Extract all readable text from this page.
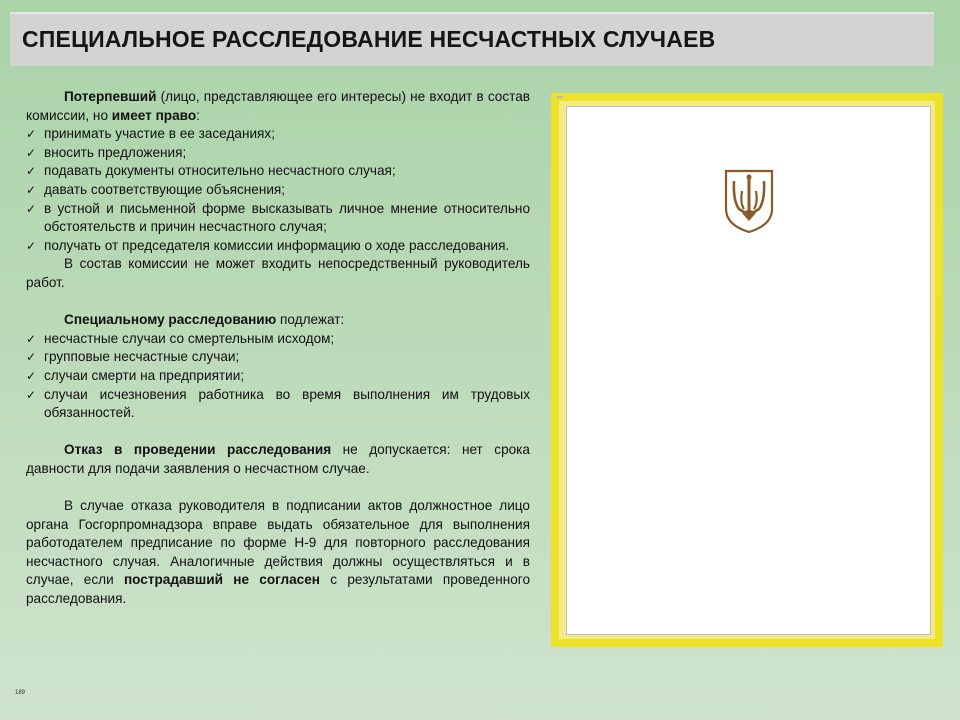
СПЕЦИАЛЬНОЕ РАССЛЕДОВАНИЕ НЕСЧАСТНЫХ СЛУЧАЕВ

Потерпевший (лицо, представляющее его интересы) не входит в состав комиссии, но имеет право:

✓ принимать участие в ее заседаниях;
✓ вносить предложения;
✓ подавать документы относительно несчастного случая;
✓ давать соответствующие объяснения;
✓ в устной и письменной форме высказывать личное мнение относительно обстоятельств и причин несчастного случая;
✓ получать от председателя комиссии информацию о ходе расследования.

В состав комиссии не может входить непосредственный руководитель работ.

Специальному расследованию подлежат:

✓ несчастные случаи со смертельным исходом;
✓ групповые несчастные случаи;
✓ случаи смерти на предприятии;
✓ случаи исчезновения работника во время выполнения им трудовых обязанностей.

Отказ в проведении расследования не допускается: нет срока давности для подачи заявления о несчастном случае.

В случае отказа руководителя в подписании актов должностное лицо органа Госгорпромнадзора вправе выдать обязательное для выполнения работодателем предписание по форме Н-9 для повторного расследования несчастного случая. Аналогичные действия должны осуществляться и в случае, если пострадавший не согласен с результатами проведенного расследования.

189
